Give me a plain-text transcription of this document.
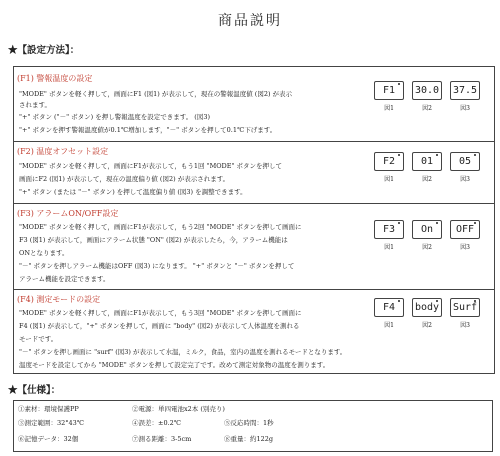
商品説明
★【設定方法】：
(F1) 警報温度の設定
"MODE" ボタンを軽く押して，画面にF1 (図1) が表示して，現在の警報温度値 (図2) が表示
されます。
"+" ボタン ("－" ボタン) を押し警報温度を設定できます。 (図3)
"+" ボタンを押す警報温度値が0.1℃増加します，"－" ボタンを押して0.1℃下げます。
F1	30.0 37.5
図1	図2	図3
(F2) 温度オフセット設定
"MODE" ボタンを軽く押して，画面にF1が表示して，もう1回 "MODE" ボタンを押して
画面にF2 (図1) が表示して，現在の温度偏り値 (図2) が表示されます。
"+" ボタン (または "－" ボタン) を押して温度偏り値 (図3) を調整できます。
F2	01	05
図1	図2	図3
(F3) アラームON/OFF設定
"MODE" ボタンを軽く押して，画面にF1が表示して，もう2回 "MODE" ボタンを押して画面に
F3 (図1) が表示して，画面にアラーム状態 "ON" (図2) が表示したら，今，アラーム機能は
ONとなります。
"－" ボタンを押しアラーム機能はOFF (図3) になります。 "+" ボタンと "－" ボタンを押して
アラーム機能を設定できます。
F3	On	OFF
図1	図2	図3
(F4) 測定モードの設定
"MODE" ボタンを軽く押して，画面にF1が表示して，もう3回 "MODE" ボタンを押して画面に
F4 (図1) が表示して，"+" ボタンを押して，画面に "body" (図2) が表示して人体温度を測れる
モードです。
"－" ボタンを押し画面に "surf" (図3) が表示して水温，ミルク，食品，室内の温度を測れるモードとなります。
温度モードを設定してから "MODE" ボタンを押して設定完了です。改めて測定対象物の温度を測ります。
F4	body Surf
図1	図2	図3
★【仕様】：
①素材：環境保護PP	②電源：単四電池x2本 (別売り)
③測定範囲：32°43℃	④誤差：±0.2℃	⑤反応時間：1秒
⑥記憶データ：32個	⑦測る距離：3-5cm	⑧重量：約122g
